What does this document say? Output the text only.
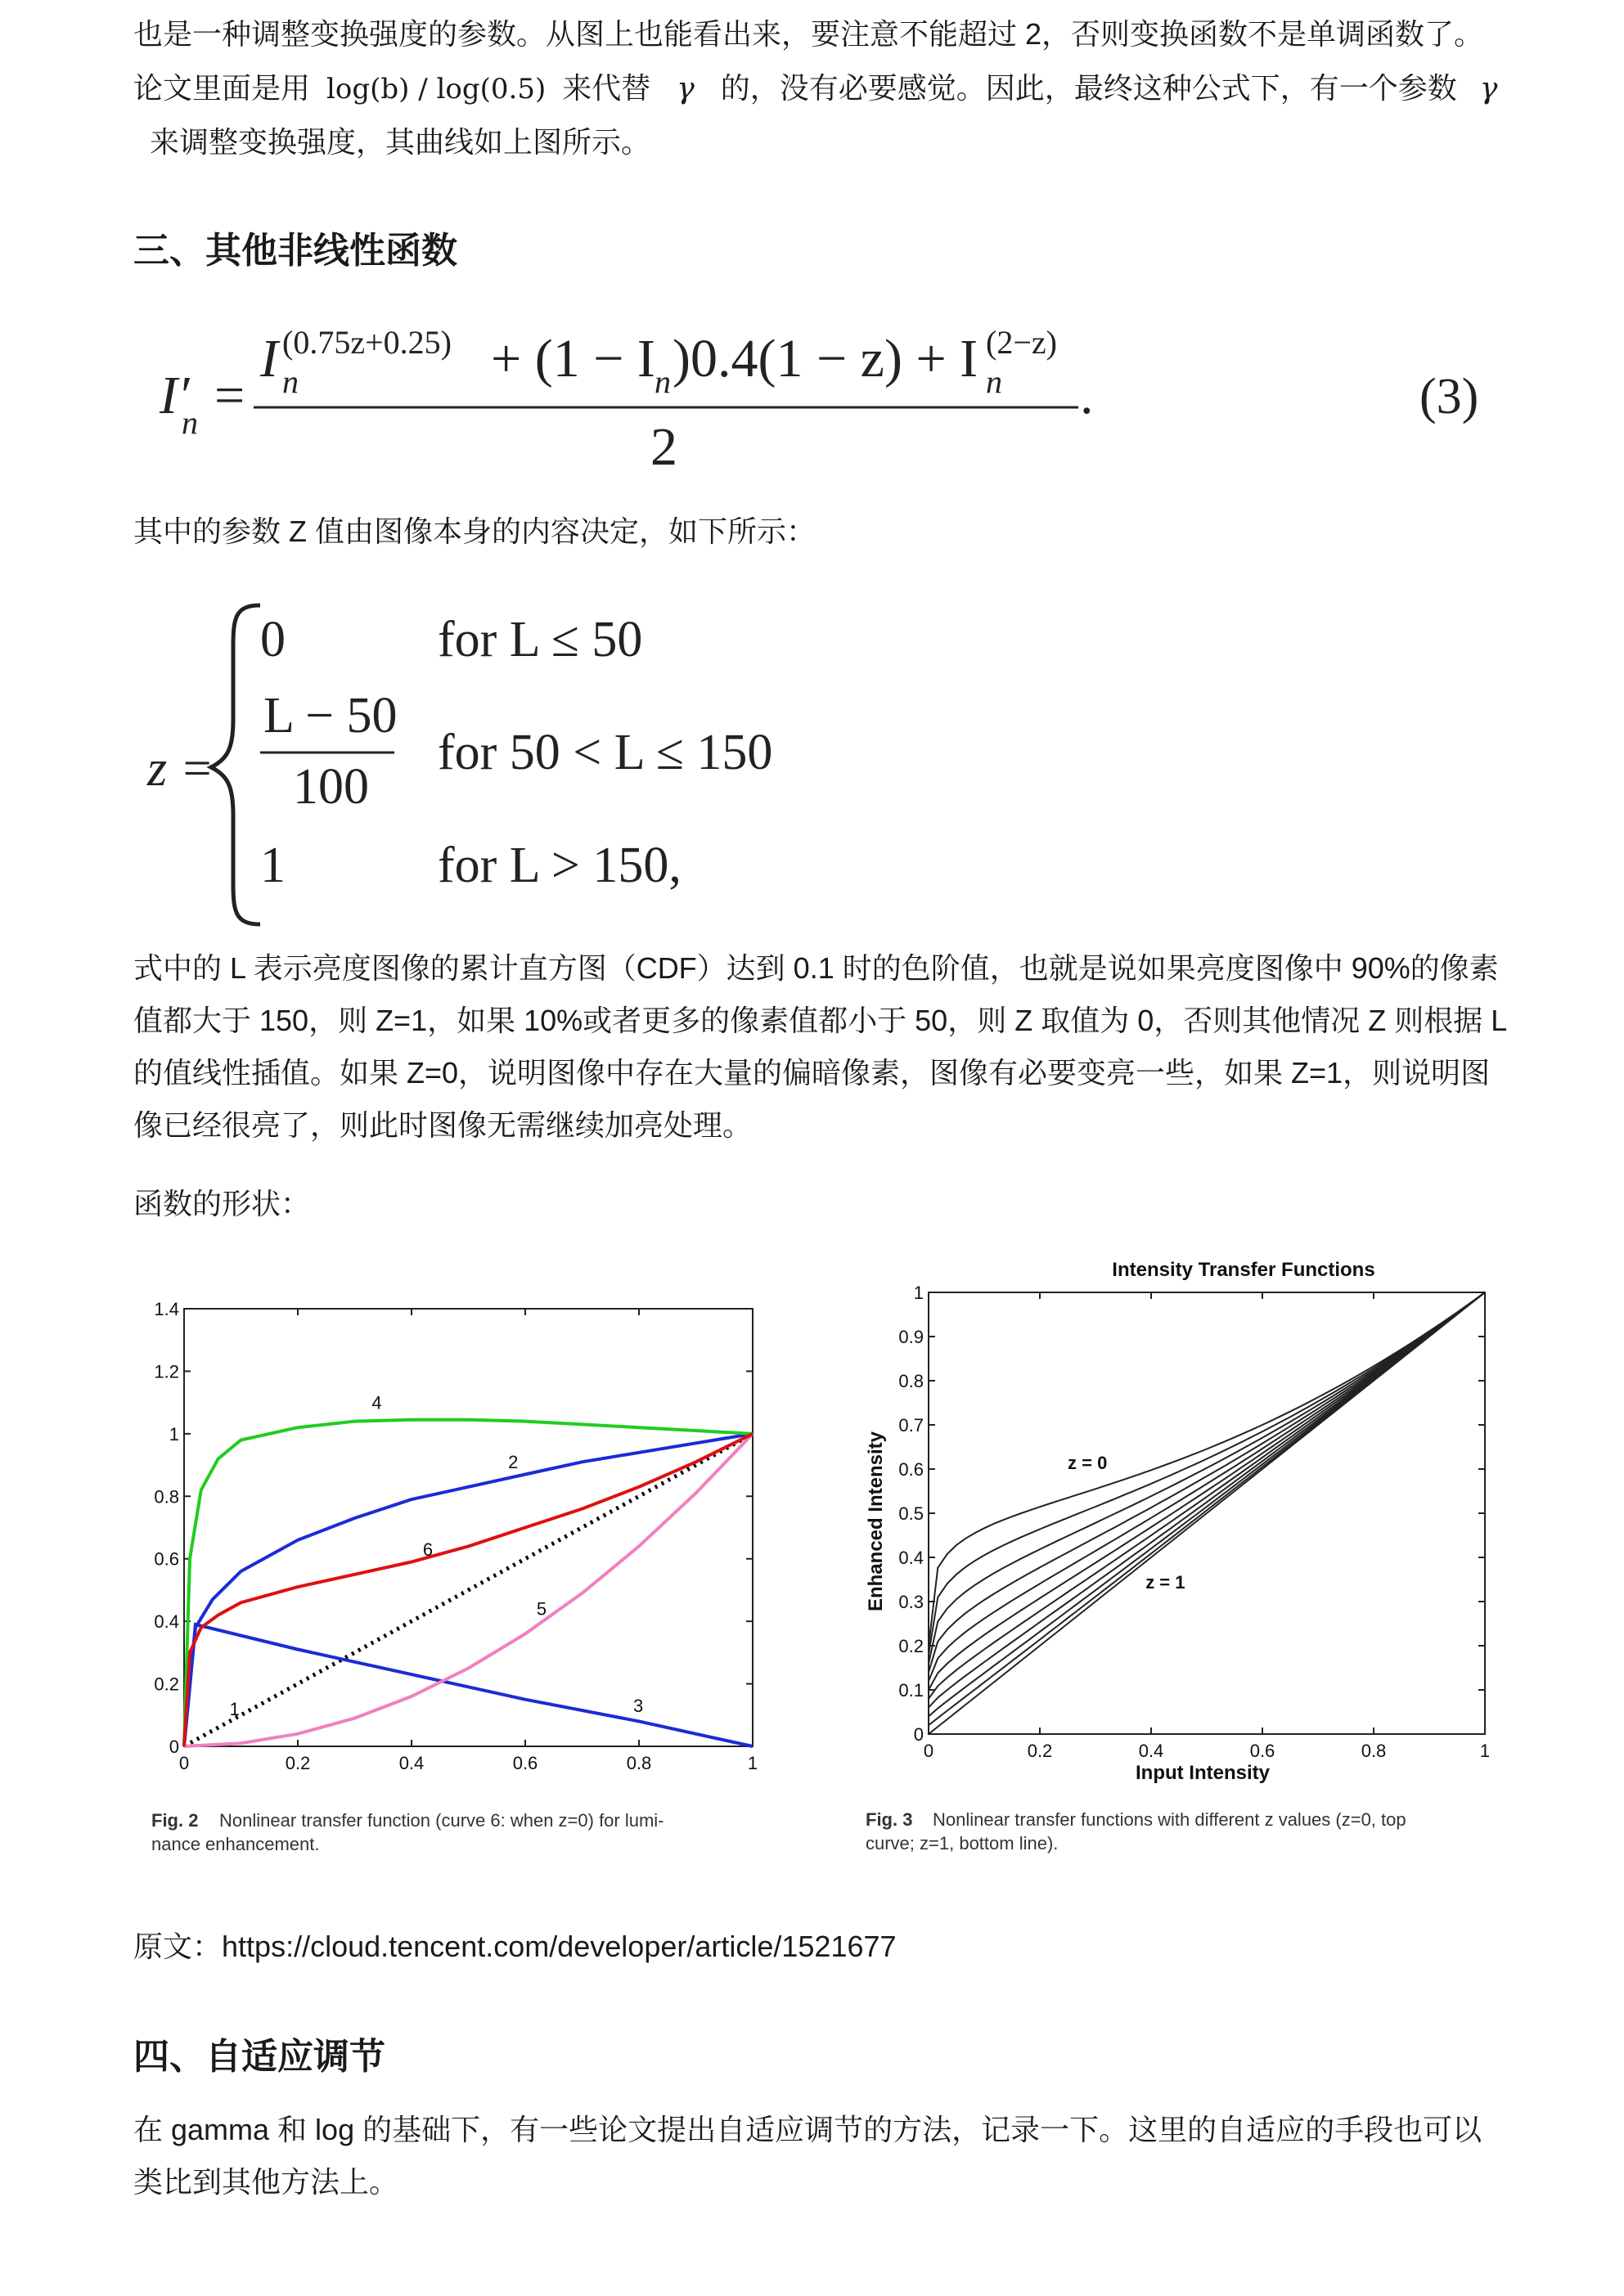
也是一种调整变换强度的参数。从图上也能看出来，要注意不能超过 2，否则变换函数不是单调函数了。

论文里面是用 log(b) / log(0.5) 来代替 γ 的，没有必要感觉。因此，最终这种公式下，有一个参数 γ

来调整变换强度，其曲线如上图所示。

三、其他非线性函数
I′
n =
I (0.75z+0.25)
n	+ (1 − I n )0.4(1 − z) + I (2−z)
n .
2
(3)

其中的参数 Z 值由图像本身的内容决定，如下所示：

z =
0	for L ≤ 50
L − 50
100
for 50 < L ≤ 150
1	for L > 150,

式中的 L 表示亮度图像的累计直方图（CDF）达到 0.1 时的色阶值，也就是说如果亮度图像中 90%的像素值都大于 150，则 Z=1，如果 10%或者更多的像素值都小于 50，则 Z 取值为 0，否则其他情况 Z 则根据 L 的值线性插值。如果 Z=0，说明图像中存在大量的偏暗像素，图像有必要变亮一些，如果 Z=1，则说明图像已经很亮了，则此时图像无需继续加亮处理。

函数的形状：

0	0.2	0.4	0.6	0.8	1
0
0.2
0.4
0.6
0.8
1
1.2
1.4
1
2
3
4
5
6
Fig. 2 Nonlinear transfer function (curve 6: when z=0) for lumi-
nance enhancement.
Intensity Transfer Functions
0	0.2	0.4	0.6	0.8	1
0
0.1
0.2
0.3
0.4
0.5
0.6
0.7
0.8
0.9
1
z = 0
z = 1
Input Intensity
Enhanced Intensity
Fig. 3 Nonlinear transfer functions with different z values (z=0, top
curve; z=1, bottom line).

原文：https://cloud.tencent.com/developer/article/1521677

四、自适应调节

在 gamma 和 log 的基础下，有一些论文提出自适应调节的方法，记录一下。这里的自适应的手段也可以类比到其他方法上。
